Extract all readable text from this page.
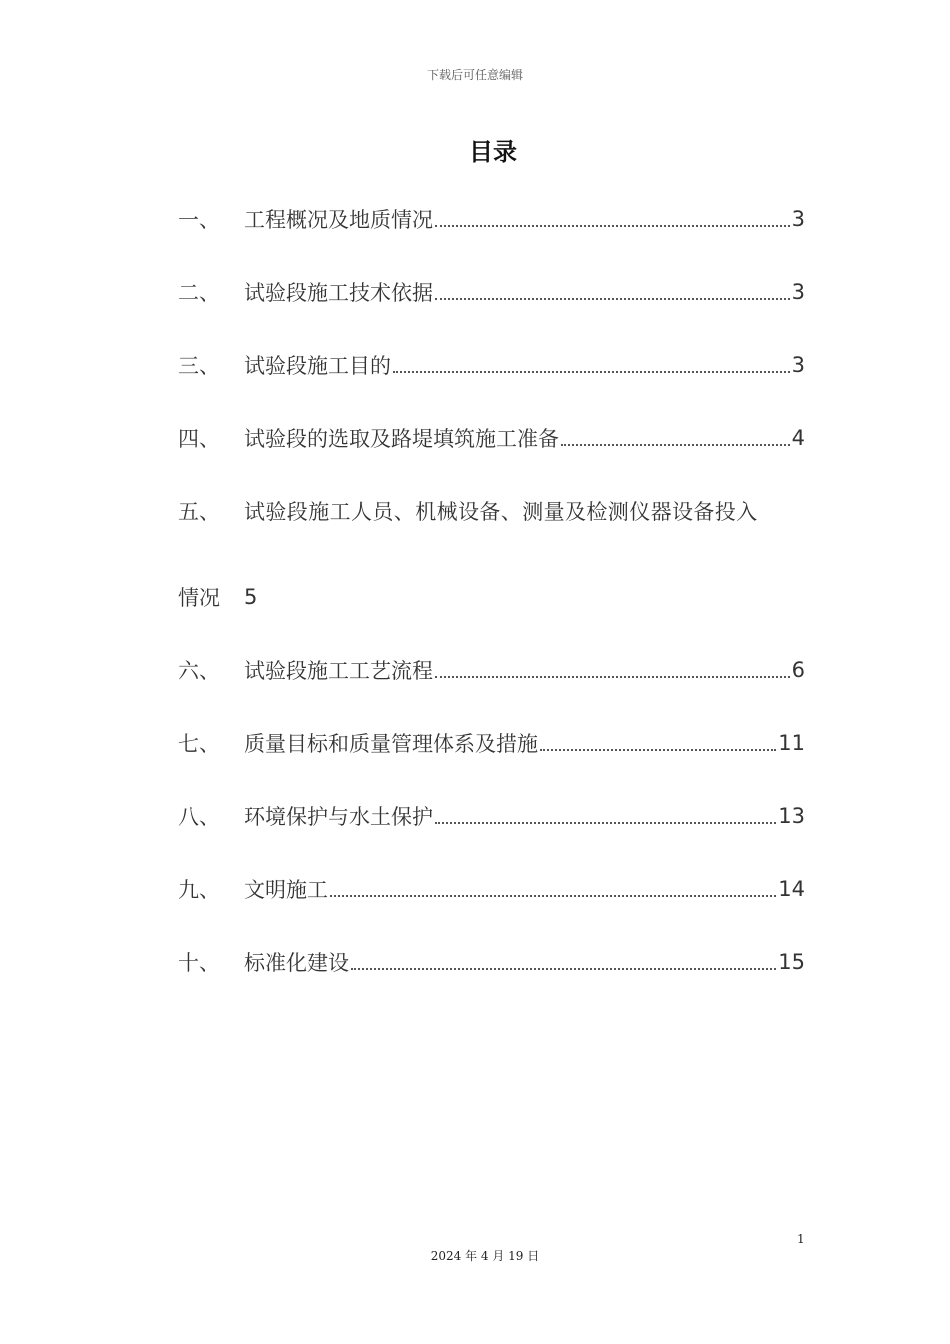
下载后可任意编辑
目录
一、	工程概况及地质情况	3
二、	试验段施工技术依据	3
三、	试验段施工目的	3
四、	试验段的选取及路堤填筑施工准备	4
五、	试验段施工人员、机械设备、测量及检测仪器设备投入
情况	5
六、	试验段施工工艺流程	6
七、	质量目标和质量管理体系及措施	11
八、	环境保护与水土保护	13
九、	文明施工	14
十、	标准化建设	15
1
2024 年 4 月 19 日
